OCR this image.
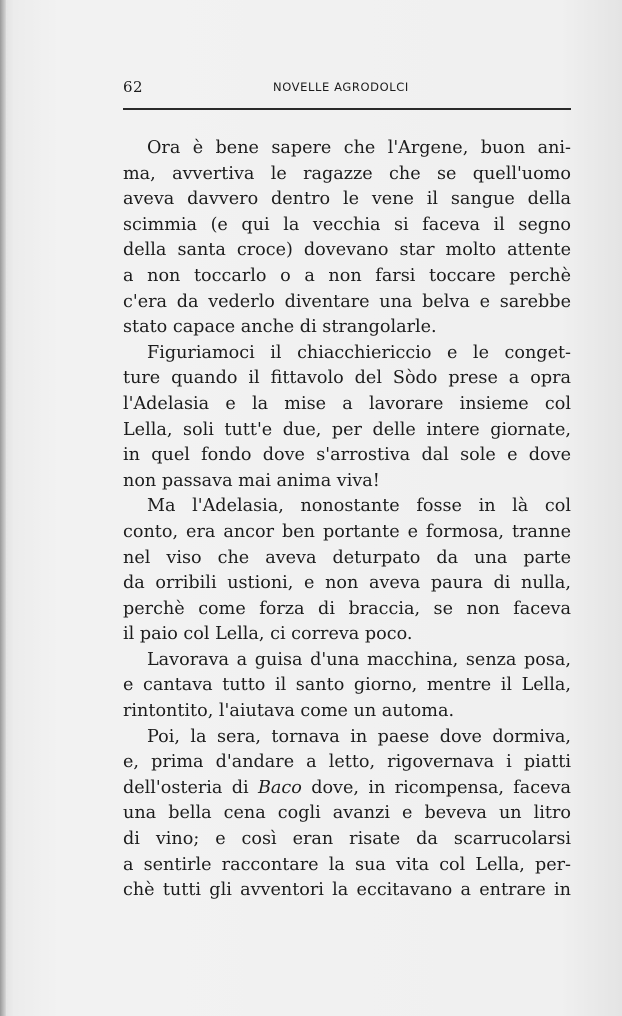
62	NOVELLE AGRODOLCI
Ora è bene sapere che l'Argene, buon ani-
ma, avvertiva le ragazze che se quell'uomo
aveva davvero dentro le vene il sangue della
scimmia (e qui la vecchia si faceva il segno
della santa croce) dovevano star molto attente
a non toccarlo o a non farsi toccare perchè
c'era da vederlo diventare una belva e sarebbe
stato capace anche di strangolarle.
Figuriamoci il chiacchiericcio e le conget-
ture quando il fittavolo del Sòdo prese a opra
l'Adelasia e la mise a lavorare insieme col
Lella, soli tutt'e due, per delle intere giornate,
in quel fondo dove s'arrostiva dal sole e dove
non passava mai anima viva!
Ma l'Adelasia, nonostante fosse in là col
conto, era ancor ben portante e formosa, tranne
nel viso che aveva deturpato da una parte
da orribili ustioni, e non aveva paura di nulla,
perchè come forza di braccia, se non faceva
il paio col Lella, ci correva poco.
Lavorava a guisa d'una macchina, senza posa,
e cantava tutto il santo giorno, mentre il Lella,
rintontito, l'aiutava come un automa.
Poi, la sera, tornava in paese dove dormiva,
e, prima d'andare a letto, rigovernava i piatti
dell'osteria di Baco dove, in ricompensa, faceva
una bella cena cogli avanzi e beveva un litro
di vino; e così eran risate da scarrucolarsi
a sentirle raccontare la sua vita col Lella, per-
chè tutti gli avventori la eccitavano a entrare in
